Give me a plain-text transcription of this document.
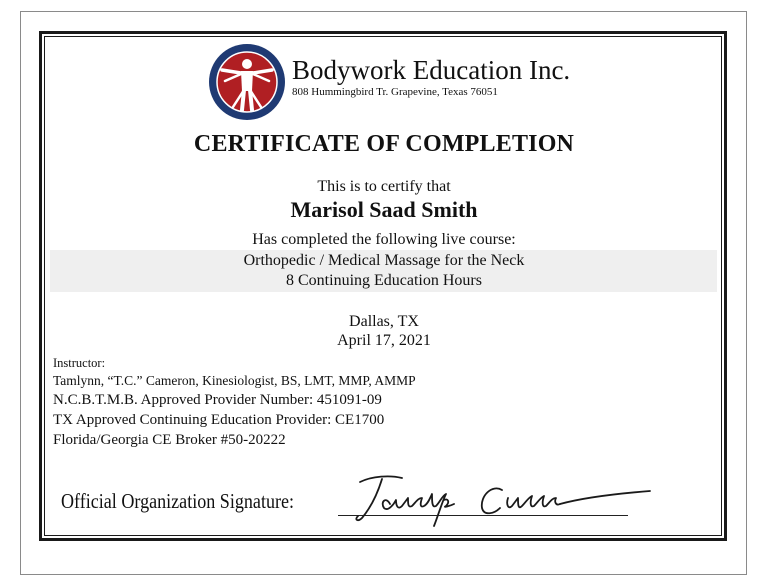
Bodywork Education Inc.
808 Hummingbird Tr. Grapevine, Texas 76051
CERTIFICATE OF COMPLETION
This is to certify that
Marisol Saad Smith
Has completed the following live course:
Orthopedic / Medical Massage for the Neck
8 Continuing Education Hours
Dallas, TX
April 17, 2021
Instructor:
Tamlynn, “T.C.” Cameron, Kinesiologist, BS, LMT, MMP, AMMP
N.C.B.T.M.B. Approved Provider Number: 451091-09
TX Approved Continuing Education Provider: CE1700
Florida/Georgia CE Broker #50-20222
Official Organization Signature:
